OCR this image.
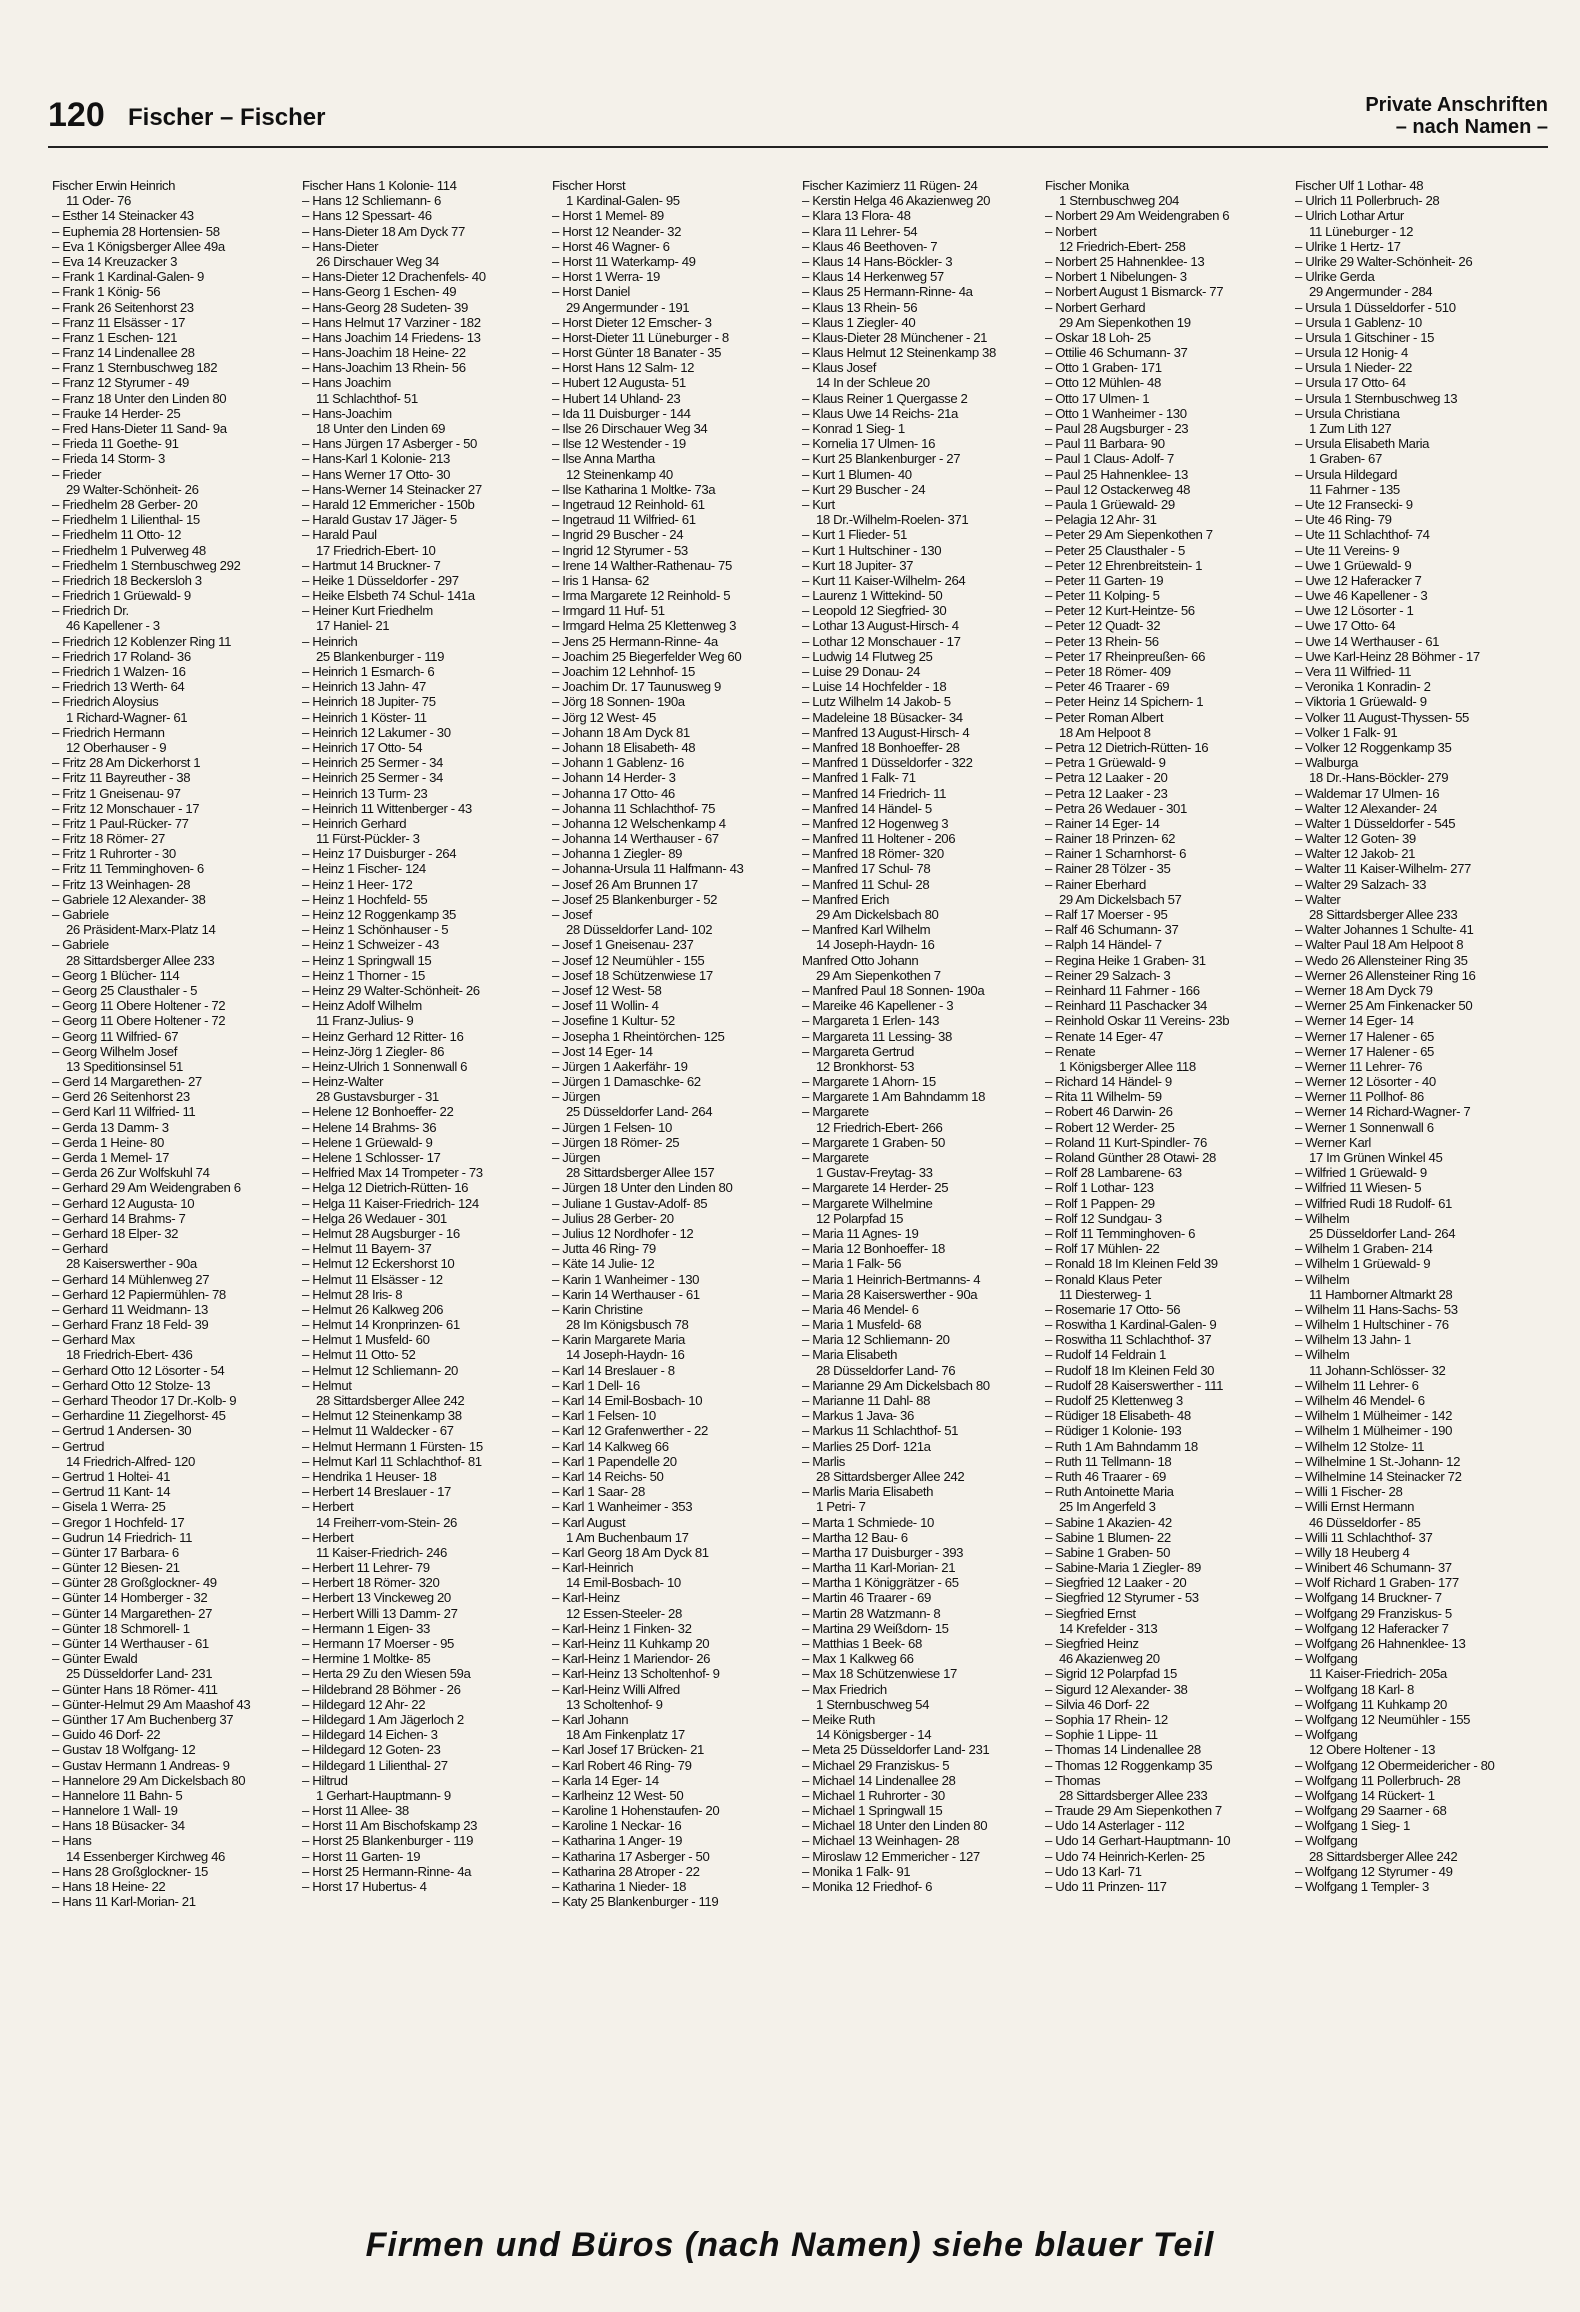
120 Fischer – Fischer	Private Anschriften
– nach Namen –
Fischer Erwin Heinrich
11 Oder- 76
– Esther 14 Steinacker 43
– Euphemia 28 Hortensien- 58
– Eva 1 Königsberger Allee 49a
– Eva 14 Kreuzacker 3
– Frank 1 Kardinal-Galen- 9
– Frank 1 König- 56
– Frank 26 Seitenhorst 23
– Franz 11 Elsässer - 17
– Franz 1 Eschen- 121
– Franz 14 Lindenallee 28
– Franz 1 Sternbuschweg 182
– Franz 12 Styrumer - 49
– Franz 18 Unter den Linden 80
– Frauke 14 Herder- 25
– Fred Hans-Dieter 11 Sand- 9a
– Frieda 11 Goethe- 91
– Frieda 14 Storm- 3
– Frieder
29 Walter-Schönheit- 26
– Friedhelm 28 Gerber- 20
– Friedhelm 1 Lilienthal- 15
– Friedhelm 11 Otto- 12
– Friedhelm 1 Pulverweg 48
– Friedhelm 1 Sternbuschweg 292
– Friedrich 18 Beckersloh 3
– Friedrich 1 Grüewald- 9
– Friedrich Dr.
46 Kapellener - 3
– Friedrich 12 Koblenzer Ring 11
– Friedrich 17 Roland- 36
– Friedrich 1 Walzen- 16
– Friedrich 13 Werth- 64
– Friedrich Aloysius
1 Richard-Wagner- 61
– Friedrich Hermann
12 Oberhauser - 9
– Fritz 28 Am Dickerhorst 1
– Fritz 11 Bayreuther - 38
– Fritz 1 Gneisenau- 97
– Fritz 12 Monschauer - 17
– Fritz 1 Paul-Rücker- 77
– Fritz 18 Römer- 27
– Fritz 1 Ruhrorter - 30
– Fritz 11 Temminghoven- 6
– Fritz 13 Weinhagen- 28
– Gabriele 12 Alexander- 38
– Gabriele
26 Präsident-Marx-Platz 14
– Gabriele
28 Sittardsberger Allee 233
– Georg 1 Blücher- 114
– Georg 25 Clausthaler - 5
– Georg 11 Obere Holtener - 72
– Georg 11 Obere Holtener - 72
– Georg 11 Wilfried- 67
– Georg Wilhelm Josef
13 Speditionsinsel 51
– Gerd 14 Margarethen- 27
– Gerd 26 Seitenhorst 23
– Gerd Karl 11 Wilfried- 11
– Gerda 13 Damm- 3
– Gerda 1 Heine- 80
– Gerda 1 Memel- 17
– Gerda 26 Zur Wolfskuhl 74
– Gerhard 29 Am Weidengraben 6
– Gerhard 12 Augusta- 10
– Gerhard 14 Brahms- 7
– Gerhard 18 Elper- 32
– Gerhard
28 Kaiserswerther - 90a
– Gerhard 14 Mühlenweg 27
– Gerhard 12 Papiermühlen- 78
– Gerhard 11 Weidmann- 13
– Gerhard Franz 18 Feld- 39
– Gerhard Max
18 Friedrich-Ebert- 436
– Gerhard Otto 12 Lösorter - 54
– Gerhard Otto 12 Stolze- 13
– Gerhard Theodor 17 Dr.-Kolb- 9
– Gerhardine 11 Ziegelhorst- 45
– Gertrud 1 Andersen- 30
– Gertrud
14 Friedrich-Alfred- 120
– Gertrud 1 Holtei- 41
– Gertrud 11 Kant- 14
– Gisela 1 Werra- 25
– Gregor 1 Hochfeld- 17
– Gudrun 14 Friedrich- 11
– Günter 17 Barbara- 6
– Günter 12 Biesen- 21
– Günter 28 Großglockner- 49
– Günter 14 Homberger - 32
– Günter 14 Margarethen- 27
– Günter 18 Schmorell- 1
– Günter 14 Werthauser - 61
– Günter Ewald
25 Düsseldorfer Land- 231
– Günter Hans 18 Römer- 411
– Günter-Helmut 29 Am Maashof 43
– Günther 17 Am Buchenberg 37
– Guido 46 Dorf- 22
– Gustav 18 Wolfgang- 12
– Gustav Hermann 1 Andreas- 9
– Hannelore 29 Am Dickelsbach 80
– Hannelore 11 Bahn- 5
– Hannelore 1 Wall- 19
– Hans 18 Büsacker- 34
– Hans
14 Essenberger Kirchweg 46
– Hans 28 Großglockner- 15
– Hans 18 Heine- 22
– Hans 11 Karl-Morian- 21
Fischer Hans 1 Kolonie- 114
– Hans 12 Schliemann- 6
– Hans 12 Spessart- 46
– Hans-Dieter 18 Am Dyck 77
– Hans-Dieter
26 Dirschauer Weg 34
– Hans-Dieter 12 Drachenfels- 40
– Hans-Georg 1 Eschen- 49
– Hans-Georg 28 Sudeten- 39
– Hans Helmut 17 Varziner - 182
– Hans Joachim 14 Friedens- 13
– Hans-Joachim 18 Heine- 22
– Hans-Joachim 13 Rhein- 56
– Hans Joachim
11 Schlachthof- 51
– Hans-Joachim
18 Unter den Linden 69
– Hans Jürgen 17 Asberger - 50
– Hans-Karl 1 Kolonie- 213
– Hans Werner 17 Otto- 30
– Hans-Werner 14 Steinacker 27
– Harald 12 Emmericher - 150b
– Harald Gustav 17 Jäger- 5
– Harald Paul
17 Friedrich-Ebert- 10
– Hartmut 14 Bruckner- 7
– Heike 1 Düsseldorfer - 297
– Heike Elsbeth 74 Schul- 141a
– Heiner Kurt Friedhelm
17 Haniel- 21
– Heinrich
25 Blankenburger - 119
– Heinrich 1 Esmarch- 6
– Heinrich 13 Jahn- 47
– Heinrich 18 Jupiter- 75
– Heinrich 1 Köster- 11
– Heinrich 12 Lakumer - 30
– Heinrich 17 Otto- 54
– Heinrich 25 Sermer - 34
– Heinrich 25 Sermer - 34
– Heinrich 13 Turm- 23
– Heinrich 11 Wittenberger - 43
– Heinrich Gerhard
11 Fürst-Pückler- 3
– Heinz 17 Duisburger - 264
– Heinz 1 Fischer- 124
– Heinz 1 Heer- 172
– Heinz 1 Hochfeld- 55
– Heinz 12 Roggenkamp 35
– Heinz 1 Schönhauser - 5
– Heinz 1 Schweizer - 43
– Heinz 1 Springwall 15
– Heinz 1 Thorner - 15
– Heinz 29 Walter-Schönheit- 26
– Heinz Adolf Wilhelm
11 Franz-Julius- 9
– Heinz Gerhard 12 Ritter- 16
– Heinz-Jörg 1 Ziegler- 86
– Heinz-Ulrich 1 Sonnenwall 6
– Heinz-Walter
28 Gustavsburger - 31
– Helene 12 Bonhoeffer- 22
– Helene 14 Brahms- 36
– Helene 1 Grüewald- 9
– Helene 1 Schlosser- 17
– Helfried Max 14 Trompeter - 73
– Helga 12 Dietrich-Rütten- 16
– Helga 11 Kaiser-Friedrich- 124
– Helga 26 Wedauer - 301
– Helmut 28 Augsburger - 16
– Helmut 11 Bayern- 37
– Helmut 12 Eckershorst 10
– Helmut 11 Elsässer - 12
– Helmut 28 Iris- 8
– Helmut 26 Kalkweg 206
– Helmut 14 Kronprinzen- 61
– Helmut 1 Musfeld- 60
– Helmut 11 Otto- 52
– Helmut 12 Schliemann- 20
– Helmut
28 Sittardsberger Allee 242
– Helmut 12 Steinenkamp 38
– Helmut 11 Waldecker - 67
– Helmut Hermann 1 Fürsten- 15
– Helmut Karl 11 Schlachthof- 81
– Hendrika 1 Heuser- 18
– Herbert 14 Breslauer - 17
– Herbert
14 Freiherr-vom-Stein- 26
– Herbert
11 Kaiser-Friedrich- 246
– Herbert 11 Lehrer- 79
– Herbert 18 Römer- 320
– Herbert 13 Vinckeweg 20
– Herbert Willi 13 Damm- 27
– Hermann 1 Eigen- 33
– Hermann 17 Moerser - 95
– Hermine 1 Moltke- 85
– Herta 29 Zu den Wiesen 59a
– Hildebrand 28 Böhmer - 26
– Hildegard 12 Ahr- 22
– Hildegard 1 Am Jägerloch 2
– Hildegard 14 Eichen- 3
– Hildegard 12 Goten- 23
– Hildegard 1 Lilienthal- 27
– Hiltrud
1 Gerhart-Hauptmann- 9
– Horst 11 Allee- 38
– Horst 11 Am Bischofskamp 23
– Horst 25 Blankenburger - 119
– Horst 11 Garten- 19
– Horst 25 Hermann-Rinne- 4a
– Horst 17 Hubertus- 4
Fischer Horst
1 Kardinal-Galen- 95
– Horst 1 Memel- 89
– Horst 12 Neander- 32
– Horst 46 Wagner- 6
– Horst 11 Waterkamp- 49
– Horst 1 Werra- 19
– Horst Daniel
29 Angermunder - 191
– Horst Dieter 12 Emscher- 3
– Horst-Dieter 11 Lüneburger - 8
– Horst Günter 18 Banater - 35
– Horst Hans 12 Salm- 12
– Hubert 12 Augusta- 51
– Hubert 14 Uhland- 23
– Ida 11 Duisburger - 144
– Ilse 26 Dirschauer Weg 34
– Ilse 12 Westender - 19
– Ilse Anna Martha
12 Steinenkamp 40
– Ilse Katharina 1 Moltke- 73a
– Ingetraud 12 Reinhold- 61
– Ingetraud 11 Wilfried- 61
– Ingrid 29 Buscher - 24
– Ingrid 12 Styrumer - 53
– Irene 14 Walther-Rathenau- 75
– Iris 1 Hansa- 62
– Irma Margarete 12 Reinhold- 5
– Irmgard 11 Huf- 51
– Irmgard Helma 25 Klettenweg 3
– Jens 25 Hermann-Rinne- 4a
– Joachim 25 Biegerfelder Weg 60
– Joachim 12 Lehnhof- 15
– Joachim Dr. 17 Taunusweg 9
– Jörg 18 Sonnen- 190a
– Jörg 12 West- 45
– Johann 18 Am Dyck 81
– Johann 18 Elisabeth- 48
– Johann 1 Gablenz- 16
– Johann 14 Herder- 3
– Johanna 17 Otto- 46
– Johanna 11 Schlachthof- 75
– Johanna 12 Welschenkamp 4
– Johanna 14 Werthauser - 67
– Johanna 1 Ziegler- 89
– Johanna-Ursula 11 Halfmann- 43
– Josef 26 Am Brunnen 17
– Josef 25 Blankenburger - 52
– Josef
28 Düsseldorfer Land- 102
– Josef 1 Gneisenau- 237
– Josef 12 Neumühler - 155
– Josef 18 Schützenwiese 17
– Josef 12 West- 58
– Josef 11 Wollin- 4
– Josefine 1 Kultur- 52
– Josepha 1 Rheintörchen- 125
– Jost 14 Eger- 14
– Jürgen 1 Aakerfähr- 19
– Jürgen 1 Damaschke- 62
– Jürgen
25 Düsseldorfer Land- 264
– Jürgen 1 Felsen- 10
– Jürgen 18 Römer- 25
– Jürgen
28 Sittardsberger Allee 157
– Jürgen 18 Unter den Linden 80
– Juliane 1 Gustav-Adolf- 85
– Julius 28 Gerber- 20
– Julius 12 Nordhofer - 12
– Jutta 46 Ring- 79
– Käte 14 Julie- 12
– Karin 1 Wanheimer - 130
– Karin 14 Werthauser - 61
– Karin Christine
28 Im Königsbusch 78
– Karin Margarete Maria
14 Joseph-Haydn- 16
– Karl 14 Breslauer - 8
– Karl 1 Dell- 16
– Karl 14 Emil-Bosbach- 10
– Karl 1 Felsen- 10
– Karl 12 Grafenwerther - 22
– Karl 14 Kalkweg 66
– Karl 1 Papendelle 20
– Karl 14 Reichs- 50
– Karl 1 Saar- 28
– Karl 1 Wanheimer - 353
– Karl August
1 Am Buchenbaum 17
– Karl Georg 18 Am Dyck 81
– Karl-Heinrich
14 Emil-Bosbach- 10
– Karl-Heinz
12 Essen-Steeler- 28
– Karl-Heinz 1 Finken- 32
– Karl-Heinz 11 Kuhkamp 20
– Karl-Heinz 1 Mariendor- 26
– Karl-Heinz 13 Scholtenhof- 9
– Karl-Heinz Willi Alfred
13 Scholtenhof- 9
– Karl Johann
18 Am Finkenplatz 17
– Karl Josef 17 Brücken- 21
– Karl Robert 46 Ring- 79
– Karla 14 Eger- 14
– Karlheinz 12 West- 50
– Karoline 1 Hohenstaufen- 20
– Karoline 1 Neckar- 16
– Katharina 1 Anger- 19
– Katharina 17 Asberger - 50
– Katharina 28 Atroper - 22
– Katharina 1 Nieder- 18
– Katy 25 Blankenburger - 119
Fischer Kazimierz 11 Rügen- 24
– Kerstin Helga 46 Akazienweg 20
– Klara 13 Flora- 48
– Klara 11 Lehrer- 54
– Klaus 46 Beethoven- 7
– Klaus 14 Hans-Böckler- 3
– Klaus 14 Herkenweg 57
– Klaus 25 Hermann-Rinne- 4a
– Klaus 13 Rhein- 56
– Klaus 1 Ziegler- 40
– Klaus-Dieter 28 Münchener - 21
– Klaus Helmut 12 Steinenkamp 38
– Klaus Josef
14 In der Schleue 20
– Klaus Reiner 1 Quergasse 2
– Klaus Uwe 14 Reichs- 21a
– Konrad 1 Sieg- 1
– Kornelia 17 Ulmen- 16
– Kurt 25 Blankenburger - 27
– Kurt 1 Blumen- 40
– Kurt 29 Buscher - 24
– Kurt
18 Dr.-Wilhelm-Roelen- 371
– Kurt 1 Flieder- 51
– Kurt 1 Hultschiner - 130
– Kurt 18 Jupiter- 37
– Kurt 11 Kaiser-Wilhelm- 264
– Laurenz 1 Wittekind- 50
– Leopold 12 Siegfried- 30
– Lothar 13 August-Hirsch- 4
– Lothar 12 Monschauer - 17
– Ludwig 14 Flutweg 25
– Luise 29 Donau- 24
– Luise 14 Hochfelder - 18
– Lutz Wilhelm 14 Jakob- 5
– Madeleine 18 Büsacker- 34
– Manfred 13 August-Hirsch- 4
– Manfred 18 Bonhoeffer- 28
– Manfred 1 Düsseldorfer - 322
– Manfred 1 Falk- 71
– Manfred 14 Friedrich- 11
– Manfred 14 Händel- 5
– Manfred 12 Hogenweg 3
– Manfred 11 Holtener - 206
– Manfred 18 Römer- 320
– Manfred 17 Schul- 78
– Manfred 11 Schul- 28
– Manfred Erich
29 Am Dickelsbach 80
– Manfred Karl Wilhelm
14 Joseph-Haydn- 16
Manfred Otto Johann
29 Am Siepenkothen 7
– Manfred Paul 18 Sonnen- 190a
– Mareike 46 Kapellener - 3
– Margareta 1 Erlen- 143
– Margareta 11 Lessing- 38
– Margareta Gertrud
12 Bronkhorst- 53
– Margarete 1 Ahorn- 15
– Margarete 1 Am Bahndamm 18
– Margarete
12 Friedrich-Ebert- 266
– Margarete 1 Graben- 50
– Margarete
1 Gustav-Freytag- 33
– Margarete 14 Herder- 25
– Margarete Wilhelmine
12 Polarpfad 15
– Maria 11 Agnes- 19
– Maria 12 Bonhoeffer- 18
– Maria 1 Falk- 56
– Maria 1 Heinrich-Bertmanns- 4
– Maria 28 Kaiserswerther - 90a
– Maria 46 Mendel- 6
– Maria 1 Musfeld- 68
– Maria 12 Schliemann- 20
– Maria Elisabeth
28 Düsseldorfer Land- 76
– Marianne 29 Am Dickelsbach 80
– Marianne 11 Dahl- 88
– Markus 1 Java- 36
– Markus 11 Schlachthof- 51
– Marlies 25 Dorf- 121a
– Marlis
28 Sittardsberger Allee 242
– Marlis Maria Elisabeth
1 Petri- 7
– Marta 1 Schmiede- 10
– Martha 12 Bau- 6
– Martha 17 Duisburger - 393
– Martha 11 Karl-Morian- 21
– Martha 1 Königgrätzer - 65
– Martin 46 Traarer - 69
– Martin 28 Watzmann- 8
– Martina 29 Weißdorn- 15
– Matthias 1 Beek- 68
– Max 1 Kalkweg 66
– Max 18 Schützenwiese 17
– Max Friedrich
1 Sternbuschweg 54
– Meike Ruth
14 Königsberger - 14
– Meta 25 Düsseldorfer Land- 231
– Michael 29 Franziskus- 5
– Michael 14 Lindenallee 28
– Michael 1 Ruhrorter - 30
– Michael 1 Springwall 15
– Michael 18 Unter den Linden 80
– Michael 13 Weinhagen- 28
– Miroslaw 12 Emmericher - 127
– Monika 1 Falk- 91
– Monika 12 Friedhof- 6
Fischer Monika
1 Sternbuschweg 204
– Norbert 29 Am Weidengraben 6
– Norbert
12 Friedrich-Ebert- 258
– Norbert 25 Hahnenklee- 13
– Norbert 1 Nibelungen- 3
– Norbert August 1 Bismarck- 77
– Norbert Gerhard
29 Am Siepenkothen 19
– Oskar 18 Loh- 25
– Ottilie 46 Schumann- 37
– Otto 1 Graben- 171
– Otto 12 Mühlen- 48
– Otto 17 Ulmen- 1
– Otto 1 Wanheimer - 130
– Paul 28 Augsburger - 23
– Paul 11 Barbara- 90
– Paul 1 Claus- Adolf- 7
– Paul 25 Hahnenklee- 13
– Paul 12 Ostackerweg 48
– Paula 1 Grüewald- 29
– Pelagia 12 Ahr- 31
– Peter 29 Am Siepenkothen 7
– Peter 25 Clausthaler - 5
– Peter 12 Ehrenbreitstein- 1
– Peter 11 Garten- 19
– Peter 11 Kolping- 5
– Peter 12 Kurt-Heintze- 56
– Peter 12 Quadt- 32
– Peter 13 Rhein- 56
– Peter 17 Rheinpreußen- 66
– Peter 18 Römer- 409
– Peter 46 Traarer - 69
– Peter Heinz 14 Spichern- 1
– Peter Roman Albert
18 Am Helpoot 8
– Petra 12 Dietrich-Rütten- 16
– Petra 1 Grüewald- 9
– Petra 12 Laaker - 20
– Petra 12 Laaker - 23
– Petra 26 Wedauer - 301
– Rainer 14 Eger- 14
– Rainer 18 Prinzen- 62
– Rainer 1 Scharnhorst- 6
– Rainer 28 Tölzer - 35
– Rainer Eberhard
29 Am Dickelsbach 57
– Ralf 17 Moerser - 95
– Ralf 46 Schumann- 37
– Ralph 14 Händel- 7
– Regina Heike 1 Graben- 31
– Reiner 29 Salzach- 3
– Reinhard 11 Fahrner - 166
– Reinhard 11 Paschacker 34
– Reinhold Oskar 11 Vereins- 23b
– Renate 14 Eger- 47
– Renate
1 Königsberger Allee 118
– Richard 14 Händel- 9
– Rita 11 Wilhelm- 59
– Robert 46 Darwin- 26
– Robert 12 Werder- 25
– Roland 11 Kurt-Spindler- 76
– Roland Günther 28 Otawi- 28
– Rolf 28 Lambarene- 63
– Rolf 1 Lothar- 123
– Rolf 1 Pappen- 29
– Rolf 12 Sundgau- 3
– Rolf 11 Temminghoven- 6
– Rolf 17 Mühlen- 22
– Ronald 18 Im Kleinen Feld 39
– Ronald Klaus Peter
11 Diesterweg- 1
– Rosemarie 17 Otto- 56
– Roswitha 1 Kardinal-Galen- 9
– Roswitha 11 Schlachthof- 37
– Rudolf 14 Feldrain 1
– Rudolf 18 Im Kleinen Feld 30
– Rudolf 28 Kaiserswerther - 111
– Rudolf 25 Klettenweg 3
– Rüdiger 18 Elisabeth- 48
– Rüdiger 1 Kolonie- 193
– Ruth 1 Am Bahndamm 18
– Ruth 11 Tellmann- 18
– Ruth 46 Traarer - 69
– Ruth Antoinette Maria
25 Im Angerfeld 3
– Sabine 1 Akazien- 42
– Sabine 1 Blumen- 22
– Sabine 1 Graben- 50
– Sabine-Maria 1 Ziegler- 89
– Siegfried 12 Laaker - 20
– Siegfried 12 Styrumer - 53
– Siegfried Ernst
14 Krefelder - 313
– Siegfried Heinz
46 Akazienweg 20
– Sigrid 12 Polarpfad 15
– Sigurd 12 Alexander- 38
– Silvia 46 Dorf- 22
– Sophia 17 Rhein- 12
– Sophie 1 Lippe- 11
– Thomas 14 Lindenallee 28
– Thomas 12 Roggenkamp 35
– Thomas
28 Sittardsberger Allee 233
– Traude 29 Am Siepenkothen 7
– Udo 14 Asterlager - 112
– Udo 14 Gerhart-Hauptmann- 10
– Udo 74 Heinrich-Kerlen- 25
– Udo 13 Karl- 71
– Udo 11 Prinzen- 117
Fischer Ulf 1 Lothar- 48
– Ulrich 11 Pollerbruch- 28
– Ulrich Lothar Artur
11 Lüneburger - 12
– Ulrike 1 Hertz- 17
– Ulrike 29 Walter-Schönheit- 26
– Ulrike Gerda
29 Angermunder - 284
– Ursula 1 Düsseldorfer - 510
– Ursula 1 Gablenz- 10
– Ursula 1 Gitschiner - 15
– Ursula 12 Honig- 4
– Ursula 1 Nieder- 22
– Ursula 17 Otto- 64
– Ursula 1 Sternbuschweg 13
– Ursula Christiana
1 Zum Lith 127
– Ursula Elisabeth Maria
1 Graben- 67
– Ursula Hildegard
11 Fahrner - 135
– Ute 12 Fransecki- 9
– Ute 46 Ring- 79
– Ute 11 Schlachthof- 74
– Ute 11 Vereins- 9
– Uwe 1 Grüewald- 9
– Uwe 12 Haferacker 7
– Uwe 46 Kapellener - 3
– Uwe 12 Lösorter - 1
– Uwe 17 Otto- 64
– Uwe 14 Werthauser - 61
– Uwe Karl-Heinz 28 Böhmer - 17
– Vera 11 Wilfried- 11
– Veronika 1 Konradin- 2
– Viktoria 1 Grüewald- 9
– Volker 11 August-Thyssen- 55
– Volker 1 Falk- 91
– Volker 12 Roggenkamp 35
– Walburga
18 Dr.-Hans-Böckler- 279
– Waldemar 17 Ulmen- 16
– Walter 12 Alexander- 24
– Walter 1 Düsseldorfer - 545
– Walter 12 Goten- 39
– Walter 12 Jakob- 21
– Walter 11 Kaiser-Wilhelm- 277
– Walter 29 Salzach- 33
– Walter
28 Sittardsberger Allee 233
– Walter Johannes 1 Schulte- 41
– Walter Paul 18 Am Helpoot 8
– Wedo 26 Allensteiner Ring 35
– Werner 26 Allensteiner Ring 16
– Werner 18 Am Dyck 79
– Werner 25 Am Finkenacker 50
– Werner 14 Eger- 14
– Werner 17 Halener - 65
– Werner 17 Halener - 65
– Werner 11 Lehrer- 76
– Werner 12 Lösorter - 40
– Werner 11 Pollhof- 86
– Werner 14 Richard-Wagner- 7
– Werner 1 Sonnenwall 6
– Werner Karl
17 Im Grünen Winkel 45
– Wilfried 1 Grüewald- 9
– Wilfried 11 Wiesen- 5
– Wilfried Rudi 18 Rudolf- 61
– Wilhelm
25 Düsseldorfer Land- 264
– Wilhelm 1 Graben- 214
– Wilhelm 1 Grüewald- 9
– Wilhelm
11 Hamborner Altmarkt 28
– Wilhelm 11 Hans-Sachs- 53
– Wilhelm 1 Hultschiner - 76
– Wilhelm 13 Jahn- 1
– Wilhelm
11 Johann-Schlösser- 32
– Wilhelm 11 Lehrer- 6
– Wilhelm 46 Mendel- 6
– Wilhelm 1 Mülheimer - 142
– Wilhelm 1 Mülheimer - 190
– Wilhelm 12 Stolze- 11
– Wilhelmine 1 St.-Johann- 12
– Wilhelmine 14 Steinacker 72
– Willi 1 Fischer- 28
– Willi Ernst Hermann
46 Düsseldorfer - 85
– Willi 11 Schlachthof- 37
– Willy 18 Heuberg 4
– Winibert 46 Schumann- 37
– Wolf Richard 1 Graben- 177
– Wolfgang 14 Bruckner- 7
– Wolfgang 29 Franziskus- 5
– Wolfgang 12 Haferacker 7
– Wolfgang 26 Hahnenklee- 13
– Wolfgang
11 Kaiser-Friedrich- 205a
– Wolfgang 18 Karl- 8
– Wolfgang 11 Kuhkamp 20
– Wolfgang 12 Neumühler - 155
– Wolfgang
12 Obere Holtener - 13
– Wolfgang 12 Obermeidericher - 80
– Wolfgang 11 Pollerbruch- 28
– Wolfgang 14 Rückert- 1
– Wolfgang 29 Saarner - 68
– Wolfgang 1 Sieg- 1
– Wolfgang
28 Sittardsberger Allee 242
– Wolfgang 12 Styrumer - 49
– Wolfgang 1 Templer- 3
Firmen und Büros (nach Namen) siehe blauer Teil
